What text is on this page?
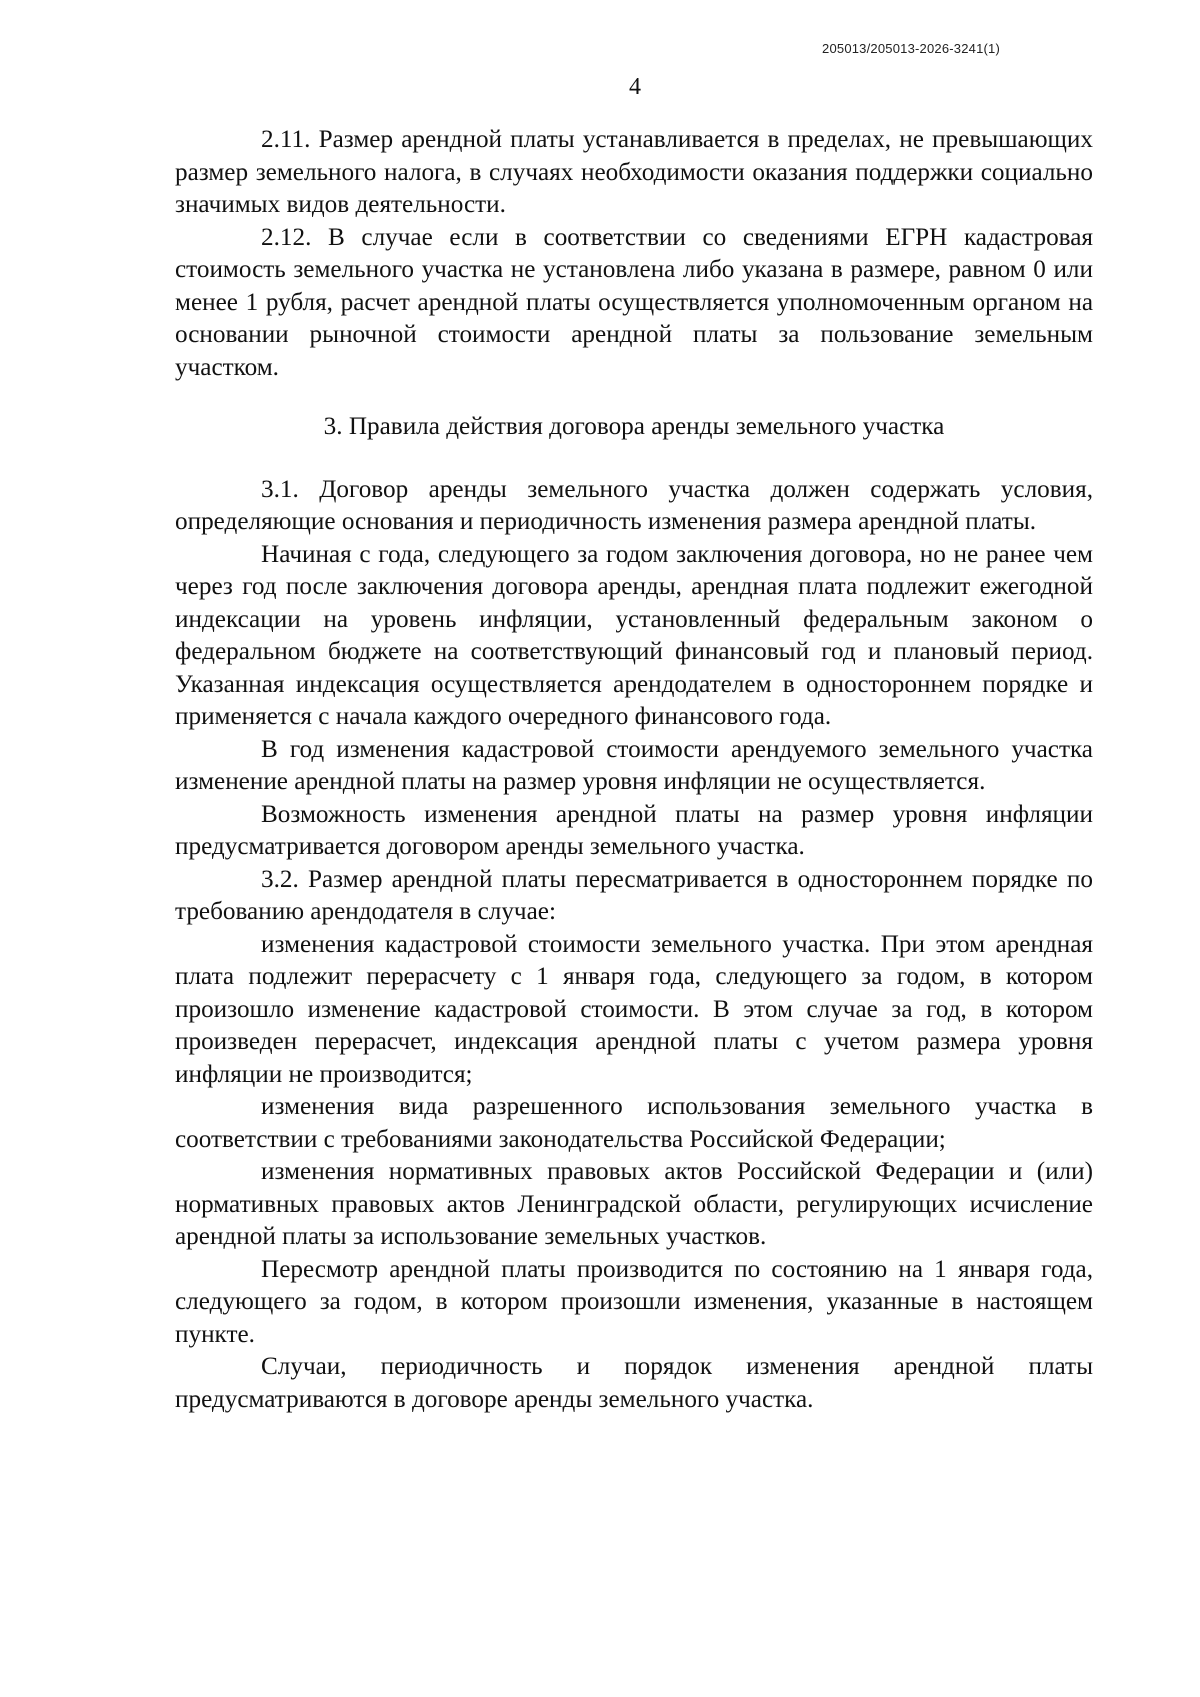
205013/205013-2026-3241(1)
4

2.11. Размер арендной платы устанавливается в пределах, не превышающих размер земельного налога, в случаях необходимости оказания поддержки социально значимых видов деятельности.

2.12. В случае если в соответствии со сведениями ЕГРН кадастровая стоимость земельного участка не установлена либо указана в размере, равном 0 или менее 1 рубля, расчет арендной платы осуществляется уполномоченным органом на основании рыночной стоимости арендной платы за пользование земельным участком.

3. Правила действия договора аренды земельного участка

3.1. Договор аренды земельного участка должен содержать условия, определяющие основания и периодичность изменения размера арендной платы.

Начиная с года, следующего за годом заключения договора, но не ранее чем через год после заключения договора аренды, арендная плата подлежит ежегодной индексации на уровень инфляции, установленный федеральным законом о федеральном бюджете на соответствующий финансовый год и плановый период. Указанная индексация осуществляется арендодателем в одностороннем порядке и применяется с начала каждого очередного финансового года.

В год изменения кадастровой стоимости арендуемого земельного участка изменение арендной платы на размер уровня инфляции не осуществляется.

Возможность изменения арендной платы на размер уровня инфляции предусматривается договором аренды земельного участка.

3.2. Размер арендной платы пересматривается в одностороннем порядке по требованию арендодателя в случае:

изменения кадастровой стоимости земельного участка. При этом арендная плата подлежит перерасчету с 1 января года, следующего за годом, в котором произошло изменение кадастровой стоимости. В этом случае за год, в котором произведен перерасчет, индексация арендной платы с учетом размера уровня инфляции не производится;

изменения вида разрешенного использования земельного участка в соответствии с требованиями законодательства Российской Федерации;

изменения нормативных правовых актов Российской Федерации и (или) нормативных правовых актов Ленинградской области, регулирующих исчисление арендной платы за использование земельных участков.

Пересмотр арендной платы производится по состоянию на 1 января года, следующего за годом, в котором произошли изменения, указанные в настоящем пункте.

Случаи, периодичность и порядок изменения арендной платы предусматриваются в договоре аренды земельного участка.
